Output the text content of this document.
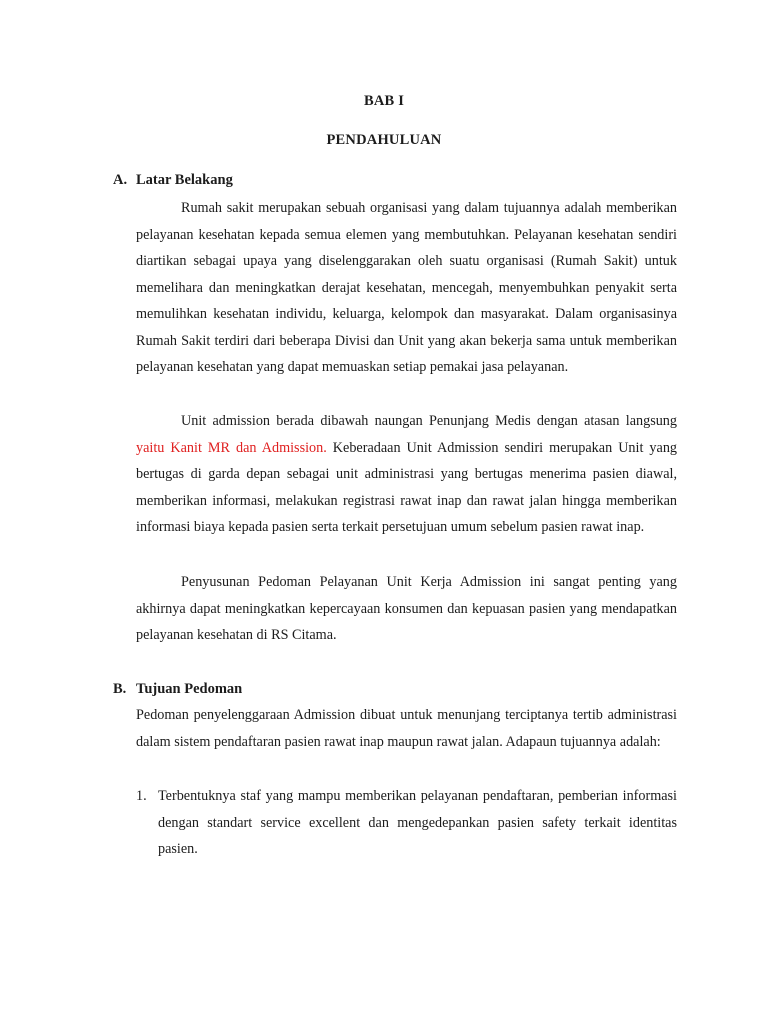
BAB I
PENDAHULUAN
A. Latar Belakang

Rumah sakit merupakan sebuah organisasi yang dalam tujuannya adalah memberikan pelayanan kesehatan kepada semua elemen yang membutuhkan. Pelayanan kesehatan sendiri diartikan sebagai upaya yang diselenggarakan oleh suatu organisasi (Rumah Sakit) untuk memelihara dan meningkatkan derajat kesehatan, mencegah, menyembuhkan penyakit serta memulihkan kesehatan individu, keluarga, kelompok dan masyarakat. Dalam organisasinya Rumah Sakit terdiri dari beberapa Divisi dan Unit yang akan bekerja sama untuk memberikan pelayanan kesehatan yang dapat memuaskan setiap pemakai jasa pelayanan.

Unit admission berada dibawah naungan Penunjang Medis dengan atasan langsung yaitu Kanit MR dan Admission. Keberadaan Unit Admission sendiri merupakan Unit yang bertugas di garda depan sebagai unit administrasi yang bertugas menerima pasien diawal, memberikan informasi, melakukan registrasi rawat inap dan rawat jalan hingga memberikan informasi biaya kepada pasien serta terkait persetujuan umum sebelum pasien rawat inap.

Penyusunan Pedoman Pelayanan Unit Kerja Admission ini sangat penting yang akhirnya dapat meningkatkan kepercayaan konsumen dan kepuasan pasien yang mendapatkan pelayanan kesehatan di RS Citama.

B. Tujuan Pedoman

Pedoman penyelenggaraan Admission dibuat untuk menunjang terciptanya tertib administrasi dalam sistem pendaftaran pasien rawat inap maupun rawat jalan. Adapaun tujuannya adalah:

1. Terbentuknya staf yang mampu memberikan pelayanan pendaftaran, pemberian informasi dengan standart service excellent dan mengedepankan pasien safety terkait identitas pasien.
